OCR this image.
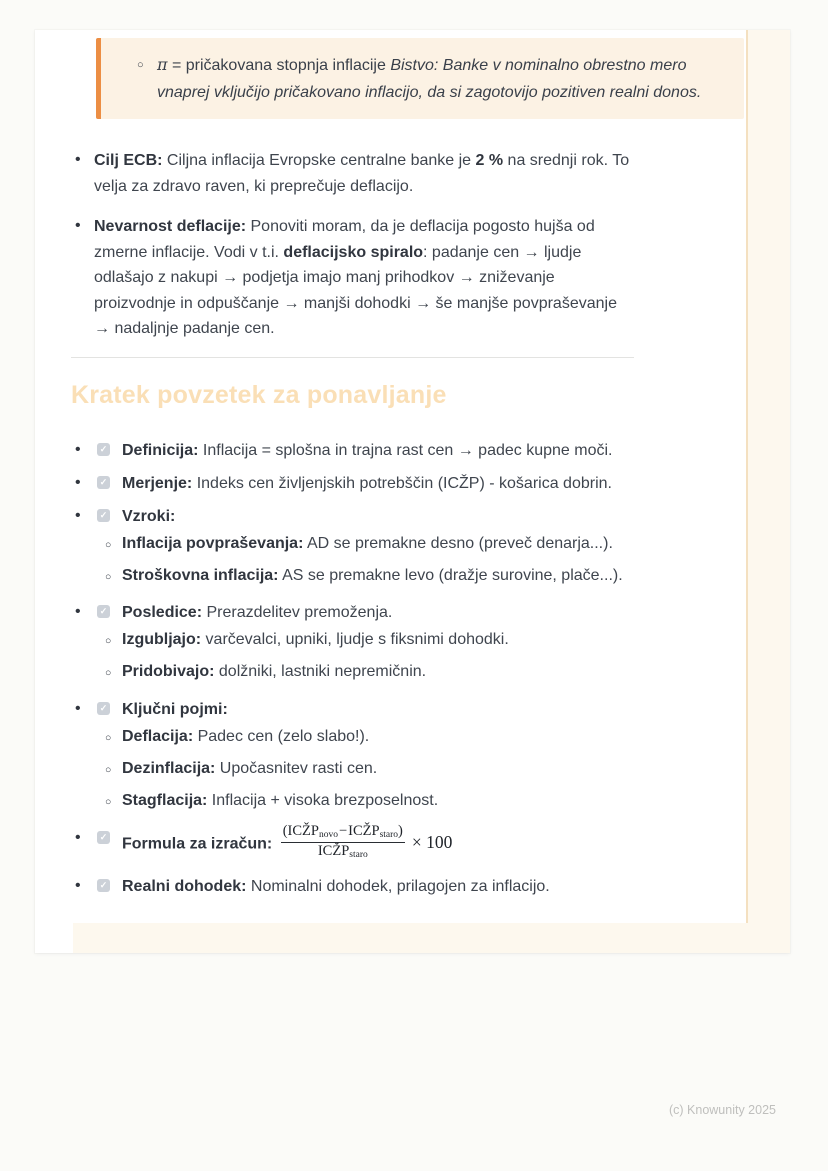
○ π = pričakovana stopnja inflacije Bistvo: Banke v nominalno obrestno mero vnaprej vključijo pričakovano inflacijo, da si zagotovijo pozitiven realni donos.
• Cilj ECB: Ciljna inflacija Evropske centralne banke je 2 % na srednji rok. To velja za zdravo raven, ki preprečuje deflacijo.
• Nevarnost deflacije: Ponoviti moram, da je deflacija pogosto hujša od zmerne inflacije. Vodi v t.i. deflacijsko spiralo: padanje cen → ljudje odlašajo z nakupi → podjetja imajo manj prihodkov → zniževanje proizvodnje in odpuščanje → manjši dohodki → še manjše povpraševanje → nadaljnje padanje cen.
Kratek povzetek za ponavljanje
• ✓ Definicija: Inflacija = splošna in trajna rast cen → padec kupne moči.
• ✓ Merjenje: Indeks cen življenjskih potrebščin (ICŽP) - košarica dobrin.
• ✓ Vzroki:
○ Inflacija povpraševanja: AD se premakne desno (preveč denarja...).
○ Stroškovna inflacija: AS se premakne levo (dražje surovine, plače...).
• ✓ Posledice: Prerazdelitev premoženja.
○ Izgubljajo: varčevalci, upniki, ljudje s fiksnimi dohodki.
○ Pridobivajo: dolžniki, lastniki nepremičnin.
• ✓ Ključni pojmi:
○ Deflacija: Padec cen (zelo slabo!).
○ Dezinflacija: Upočasnitev rasti cen.
○ Stagflacija: Inflacija + visoka brezposelnost.
• ✓ Formula za izračun: $\frac{(ICŽP_{novo}-ICŽP_{staro})}{ICŽP_{staro}} \times 100$
• ✓ Realni dohodek: Nominalni dohodek, prilagojen za inflacijo.
(c) Knowunity 2025
